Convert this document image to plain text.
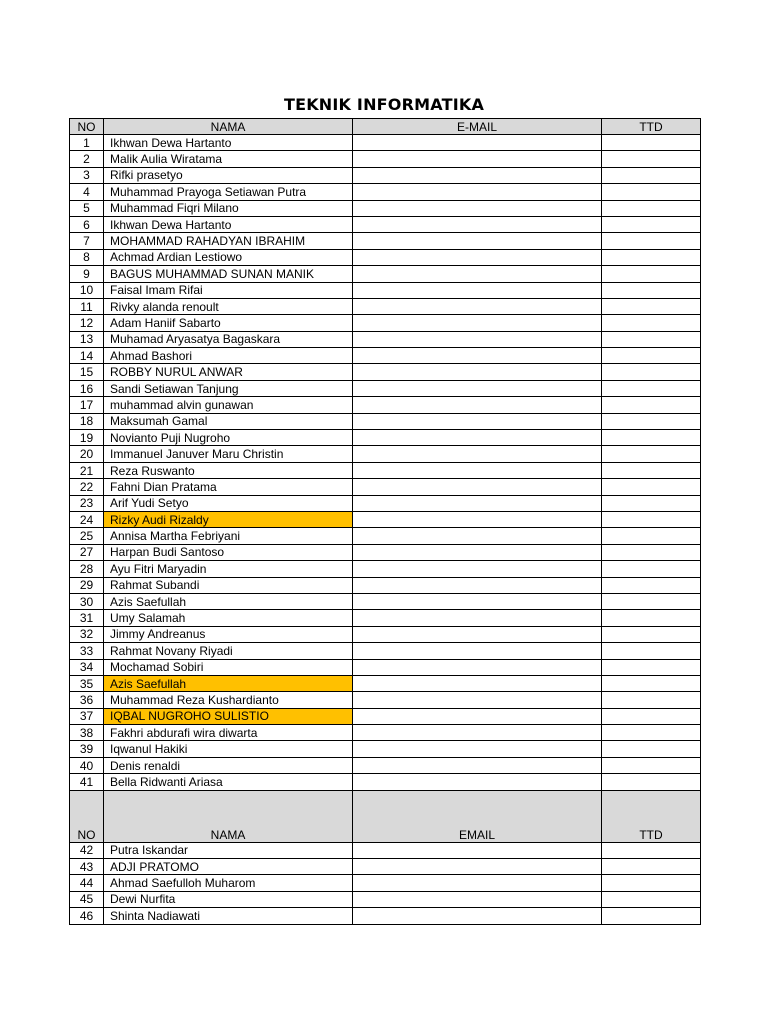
TEKNIK INFORMATIKA
NO	NAMA	E-MAIL	TTD
1	Ikhwan Dewa Hartanto		
2	Malik Aulia Wiratama		
3	Rifki prasetyo		
4	Muhammad Prayoga Setiawan Putra		
5	Muhammad Fiqri Milano		
6	Ikhwan Dewa Hartanto		
7	MOHAMMAD RAHADYAN IBRAHIM		
8	Achmad Ardian Lestiowo		
9	BAGUS MUHAMMAD SUNAN MANIK		
10	Faisal Imam Rifai		
11	Rivky alanda renoult		
12	Adam Haniif Sabarto		
13	Muhamad Aryasatya Bagaskara		
14	Ahmad Bashori		
15	ROBBY NURUL ANWAR		
16	Sandi Setiawan Tanjung		
17	muhammad alvin gunawan		
18	Maksumah Gamal		
19	Novianto Puji Nugroho		
20	Immanuel Januver Maru Christin		
21	Reza Ruswanto		
22	Fahni Dian Pratama		
23	Arif Yudi Setyo		
24	Rizky Audi Rizaldy		
25	Annisa Martha Febriyani		
27	Harpan Budi Santoso		
28	Ayu Fitri Maryadin		
29	Rahmat Subandi		
30	Azis Saefullah		
31	Umy Salamah		
32	Jimmy Andreanus		
33	Rahmat Novany Riyadi		
34	Mochamad Sobiri		
35	Azis Saefullah		
36	Muhammad Reza Kushardianto		
37	IQBAL NUGROHO SULISTIO		
38	Fakhri abdurafi wira diwarta		
39	Iqwanul Hakiki		
40	Denis renaldi		
41	Bella Ridwanti Ariasa		
NO	NAMA	EMAIL	TTD
42	Putra Iskandar		
43	ADJI PRATOMO		
44	Ahmad Saefulloh Muharom		
45	Dewi Nurfita		
46	Shinta Nadiawati		
